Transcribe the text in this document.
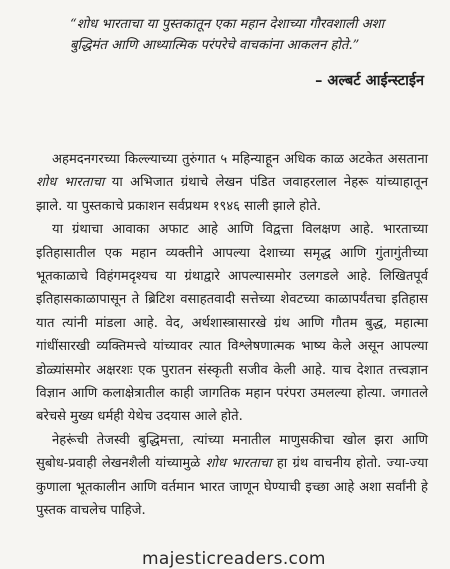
“शोध भारताचा या पुस्तकातून एका महान देशाच्या गौरवशाली अशा बुद्धिमंत आणि आध्यात्मिक परंपरेचे वाचकांना आकलन होते.”
– अल्बर्ट आईन्स्टाईन

अहमदनगरच्या किल्ल्याच्या तुरुंगात ५ महिन्याहून अधिक काळ अटकेत असताना शोध भारताचा या अभिजात ग्रंथाचे लेखन पंडित जवाहरलाल नेहरू यांच्याहातून झाले. या पुस्तकाचे प्रकाशन सर्वप्रथम १९४६ साली झाले होते.

या ग्रंथाचा आवाका अफाट आहे आणि विद्वत्ता विलक्षण आहे. भारताच्या इतिहासातील एक महान व्यक्तीने आपल्या देशाच्या समृद्ध आणि गुंतागुंतीच्या भूतकाळाचे विहंगमदृश्यच या ग्रंथाद्वारे आपल्यासमोर उलगडले आहे. लिखितपूर्व इतिहासकाळापासून ते ब्रिटिश वसाहतवादी सत्तेच्या शेवटच्या काळापर्यंतचा इतिहास यात त्यांनी मांडला आहे. वेद, अर्थशास्त्रासारखे ग्रंथ आणि गौतम बुद्ध, महात्मा गांधींसारखी व्यक्तिमत्त्वे यांच्यावर त्यात विश्लेषणात्मक भाष्य केले असून आपल्या डोळ्यांसमोर अक्षरशः एक पुरातन संस्कृती सजीव केली आहे. याच देशात तत्त्वज्ञान विज्ञान आणि कलाक्षेत्रातील काही जागतिक महान परंपरा उमलल्या होत्या. जगातले बरेचसे मुख्य धर्मही येथेच उदयास आले होते.

नेहरूंची तेजस्वी बुद्धिमत्ता, त्यांच्या मनातील माणुसकीचा खोल झरा आणि सुबोध-प्रवाही लेखनशैली यांच्यामुळे शोध भारताचा हा ग्रंथ वाचनीय होतो. ज्या-ज्या कुणाला भूतकालीन आणि वर्तमान भारत जाणून घेण्याची इच्छा आहे अशा सर्वांनी हे पुस्तक वाचलेच पाहिजे.

majesticreaders.com
